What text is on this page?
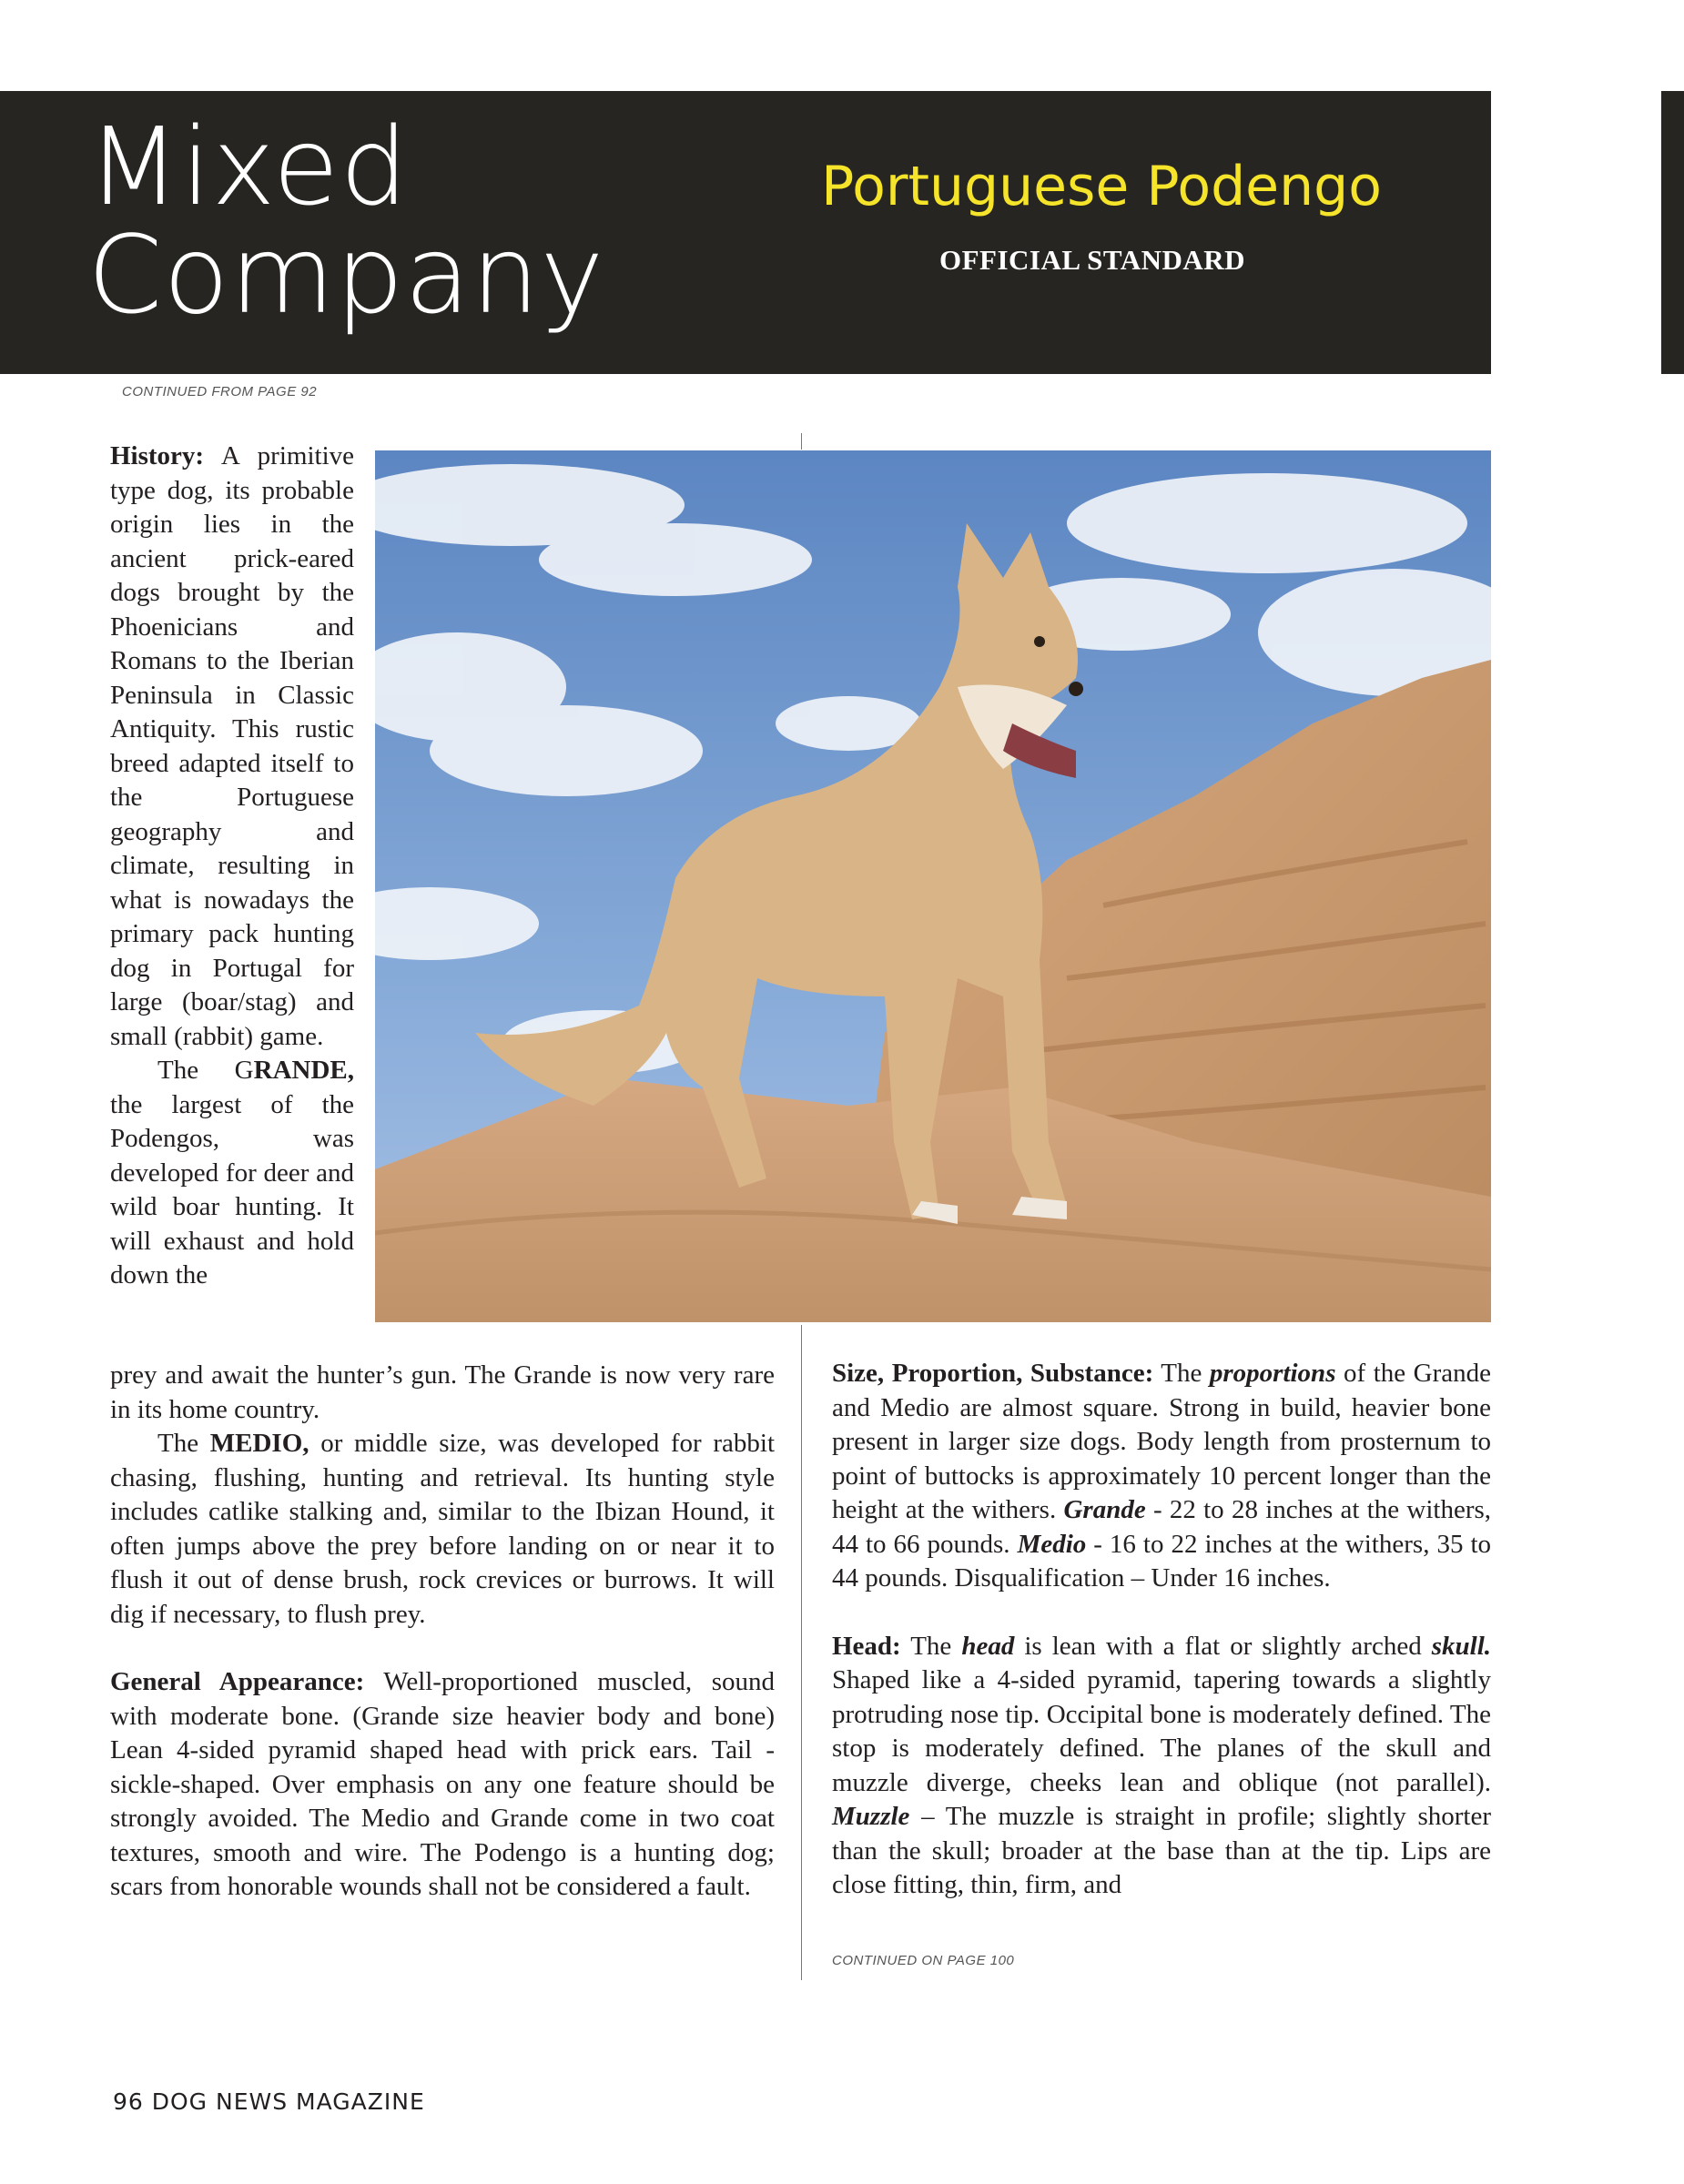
Mixed
Company
Portuguese Podengo
OFFICIAL STANDARD
CONTINUED FROM PAGE 92

History: A primitive type dog, its probable origin lies in the ancient prick-eared dogs brought by the Phoenicians and Romans to the Iberian Peninsula in Classic Antiquity. This rustic breed adapted itself to the Portuguese geography and climate, resulting in what is nowadays the primary pack hunting dog in Portugal for large (boar/stag) and small (rabbit) game.

The GRANDE, the largest of the Podengos, was developed for deer and wild boar hunting. It will exhaust and hold down the

prey and await the hunter’s gun. The Grande is now very rare in its home country.

The MEDIO, or middle size, was developed for rabbit chasing, flushing, hunting and retrieval. Its hunting style includes catlike stalking and, similar to the Ibizan Hound, it often jumps above the prey before landing on or near it to flush it out of dense brush, rock crevices or burrows. It will dig if necessary, to flush prey.

General Appearance: Well-proportioned muscled, sound with moderate bone. (Grande size heavier body and bone) Lean 4-sided pyramid shaped head with prick ears. Tail - sickle-shaped. Over emphasis on any one feature should be strongly avoided. The Medio and Grande come in two coat textures, smooth and wire. The Podengo is a hunting dog; scars from honorable wounds shall not be considered a fault.

Size, Proportion, Substance: The proportions of the Grande and Medio are almost square. Strong in build, heavier bone present in larger size dogs. Body length from prosternum to point of buttocks is approximately 10 percent longer than the height at the withers. Grande - 22 to 28 inches at the withers, 44 to 66 pounds. Medio - 16 to 22 inches at the withers, 35 to 44 pounds. Disqualification – Under 16 inches.

Head: The head is lean with a flat or slightly arched skull. Shaped like a 4-sided pyramid, tapering towards a slightly protruding nose tip. Occipital bone is moderately defined. The stop is moderately defined. The planes of the skull and muzzle diverge, cheeks lean and oblique (not parallel). Muzzle – The muzzle is straight in profile; slightly shorter than the skull; broader at the base than at the tip. Lips are close fitting, thin, firm, and

CONTINUED ON PAGE 100
96 DOG NEWS MAGAZINE
